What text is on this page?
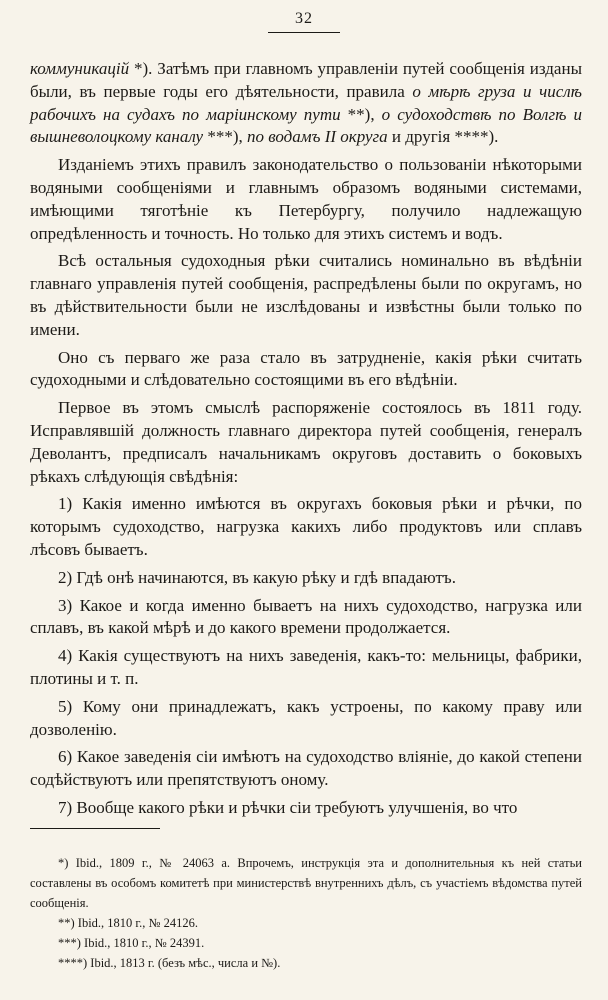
32

коммуникацій *). Затѣмъ при главномъ управленіи путей сообщенія изданы были, въ первые годы его дѣятельности, правила о мѣрѣ груза и числѣ рабочихъ на судахъ по маріинскому пути **), о судоходствѣ по Волгѣ и вышневолоцкому каналу ***), по водамъ II округа и другія ****).

Изданіемъ этихъ правилъ законодательство о пользованіи нѣкоторыми водяными сообщеніями и главнымъ образомъ водяными системами, имѣющими тяготѣніе къ Петербургу, получило надлежащую опредѣленность и точность. Но только для этихъ системъ и водъ.

Всѣ остальныя судоходныя рѣки считались номинально въ вѣдѣніи главнаго управленія путей сообщенія, распредѣлены были по округамъ, но въ дѣйствительности были не изслѣдованы и извѣстны были только по имени.

Оно съ перваго же раза стало въ затрудненіе, какія рѣки считать судоходными и слѣдовательно состоящими въ его вѣдѣніи.

Первое въ этомъ смыслѣ распоряженіе состоялось въ 1811 году. Исправлявшій должность главнаго директора путей сообщенія, генералъ Деволантъ, предписалъ начальникамъ округовъ доставить о боковыхъ рѣкахъ слѣдующія свѣдѣнія:

1) Какія именно имѣются въ округахъ боковыя рѣки и рѣчки, по которымъ судоходство, нагрузка какихъ либо продуктовъ или сплавъ лѣсовъ бываетъ.

2) Гдѣ онѣ начинаются, въ какую рѣку и гдѣ впадаютъ.

3) Какое и когда именно бываетъ на нихъ судоходство, нагрузка или сплавъ, въ какой мѣрѣ и до какого времени продолжается.

4) Какія существуютъ на нихъ заведенія, какъ-то: мельницы, фабрики, плотины и т. п.

5) Кому они принадлежатъ, какъ устроены, по какому праву или дозволенію.

6) Какое заведенія сіи имѣютъ на судоходство вліяніе, до какой степени содѣйствуютъ или препятствуютъ оному.

7) Вообще какого рѣки и рѣчки сіи требуютъ улучшенія, во что

*) Ibid., 1809 г., № 24063 а. Впрочемъ, инструкція эта и дополнительныя къ ней статьи составлены въ особомъ комитетѣ при министерствѣ внутреннихъ дѣлъ, съ участіемъ вѣдомства путей сообщенія.

**) Ibid., 1810 г., № 24126.

***) Ibid., 1810 г., № 24391.

****) Ibid., 1813 г. (безъ мѣс., числа и №).
